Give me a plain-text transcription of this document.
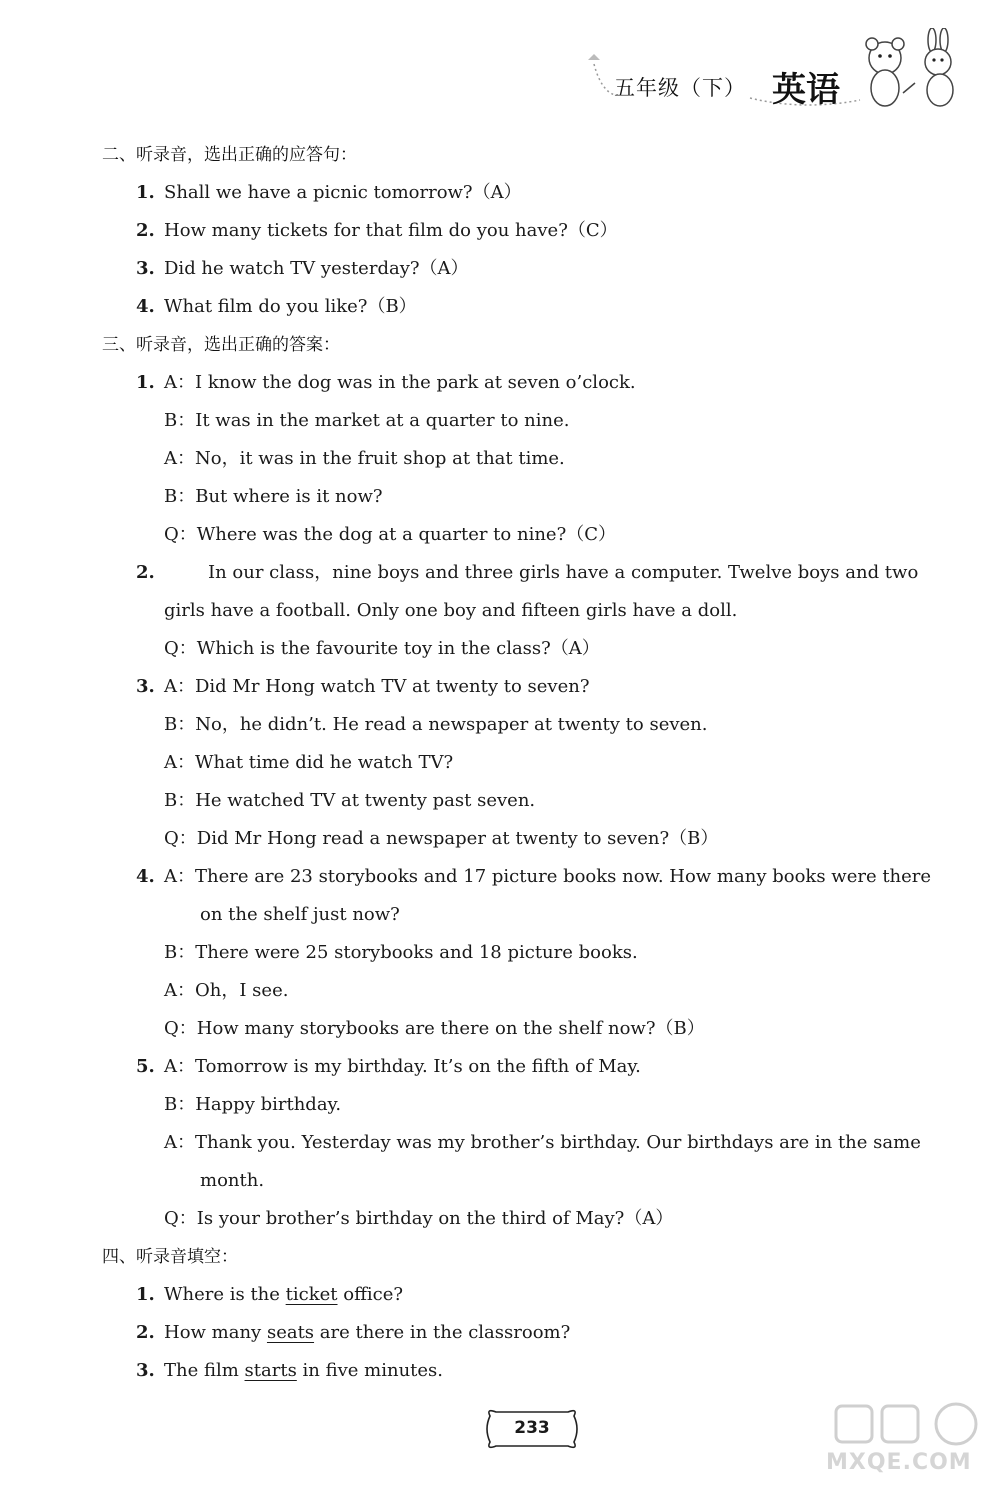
五年级（下） 英语
二、听录音，选出正确的应答句：
1. Shall we have a picnic tomorrow?（A）
2. How many tickets for that film do you have?（C）
3. Did he watch TV yesterday?（A）
4. What film do you like?（B）
三、听录音，选出正确的答案：
1. A：I know the dog was in the park at seven o’clock.
B：It was in the market at a quarter to nine.
A：No，it was in the fruit shop at that time.
B：But where is it now?
Q：Where was the dog at a quarter to nine?（C）
2.	In our class，nine boys and three girls have a computer. Twelve boys and two
girls have a football. Only one boy and fifteen girls have a doll.
Q：Which is the favourite toy in the class?（A）
3. A：Did Mr Hong watch TV at twenty to seven?
B：No，he didn’t. He read a newspaper at twenty to seven.
A：What time did he watch TV?
B：He watched TV at twenty past seven.
Q：Did Mr Hong read a newspaper at twenty to seven?（B）
4. A：There are 23 storybooks and 17 picture books now. How many books were there
on the shelf just now?
B：There were 25 storybooks and 18 picture books.
A：Oh，I see.
Q：How many storybooks are there on the shelf now?（B）
5. A：Tomorrow is my birthday. It’s on the fifth of May.
B：Happy birthday.
A：Thank you. Yesterday was my brother’s birthday. Our birthdays are in the same
month.
Q：Is your brother’s birthday on the third of May?（A）
四、听录音填空：
1. Where is the ticket office?
2. How many seats are there in the classroom?
3. The film starts in five minutes.
233
MXQE.COM
